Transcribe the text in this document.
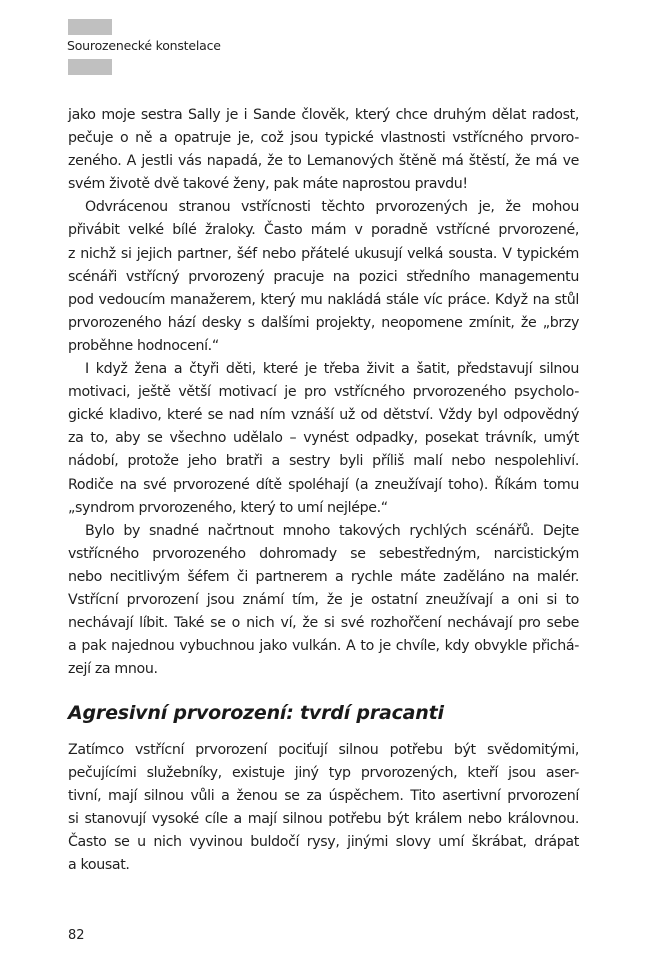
Sourozenecké konstelace
jako moje sestra Sally je i Sande člověk, který chce druhým dělat radost,
pečuje o ně a opatruje je, což jsou typické vlastnosti vstřícného prvoro-
zeného. A jestli vás napadá, že to Lemanových štěně má štěstí, že má ve
svém životě dvě takové ženy, pak máte naprostou pravdu!
Odvrácenou stranou vstřícnosti těchto prvorozených je, že mohou
přivábit velké bílé žraloky. Často mám v poradně vstřícné prvorozené,
z nichž si jejich partner, šéf nebo přátelé ukusují velká sousta. V typickém
scénáři vstřícný prvorozený pracuje na pozici středního managementu
pod vedoucím manažerem, který mu nakládá stále víc práce. Když na stůl
prvorozeného hází desky s dalšími projekty, neopomene zmínit, že „brzy
proběhne hodnocení.“
I když žena a čtyři děti, které je třeba živit a šatit, představují silnou
motivaci, ještě větší motivací je pro vstřícného prvorozeného psycholo-
gické kladivo, které se nad ním vznáší už od dětství. Vždy byl odpovědný
za to, aby se všechno udělalo – vynést odpadky, posekat trávník, umýt
nádobí, protože jeho bratři a sestry byli příliš malí nebo nespolehliví.
Rodiče na své prvorozené dítě spoléhají (a zneužívají toho). Říkám tomu
„syndrom prvorozeného, který to umí nejlépe.“
Bylo by snadné načrtnout mnoho takových rychlých scénářů. Dejte
vstřícného prvorozeného dohromady se sebestředným, narcistickým
nebo necitlivým šéfem či partnerem a rychle máte zaděláno na malér.
Vstřícní prvorození jsou známí tím, že je ostatní zneužívají a oni si to
nechávají líbit. Také se o nich ví, že si své rozhořčení nechávají pro sebe
a pak najednou vybuchnou jako vulkán. A to je chvíle, kdy obvykle přichá-
zejí za mnou.
Agresivní prvorození: tvrdí pracanti
Zatímco vstřícní prvorození pociťují silnou potřebu být svědomitými,
pečujícími služebníky, existuje jiný typ prvorozených, kteří jsou aser-
tivní, mají silnou vůli a ženou se za úspěchem. Tito asertivní prvorození
si stanovují vysoké cíle a mají silnou potřebu být králem nebo královnou.
Často se u nich vyvinou buldočí rysy, jinými slovy umí škrábat, drápat
a kousat.
82
